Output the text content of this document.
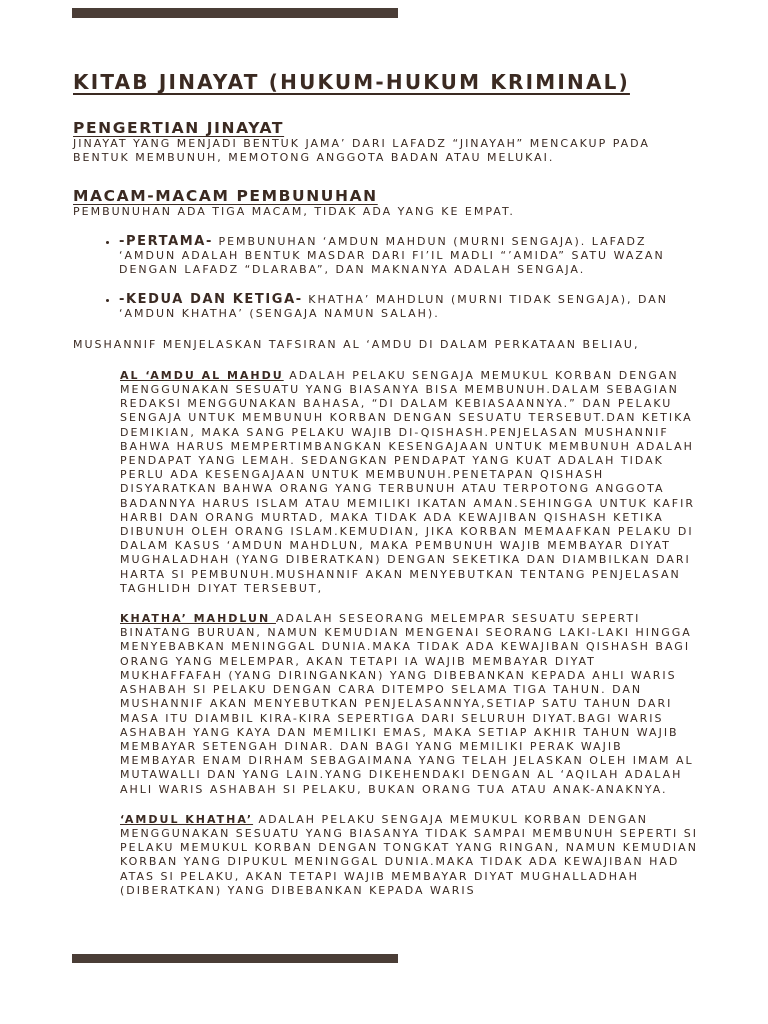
KITAB JINAYAT (HUKUM-HUKUM KRIMINAL)
PENGERTIAN JINAYAT

JINAYAT YANG MENJADI BENTUK JAMA’ DARI LAFADZ “JINAYAH” MENCAKUP PADA BENTUK MEMBUNUH, MEMOTONG ANGGOTA BADAN ATAU MELUKAI.

MACAM-MACAM PEMBUNUHAN

PEMBUNUHAN ADA TIGA MACAM, TIDAK ADA YANG KE EMPAT.

• -PERTAMA- PEMBUNUHAN ‘AMDUN MAHDUN (MURNI SENGAJA). LAFADZ ‘AMDUN ADALAH BENTUK MASDAR DARI FI’IL MADLI “’AMIDA” SATU WAZAN DENGAN LAFADZ “DLARABA”, DAN MAKNANYA ADALAH SENGAJA.
• -KEDUA DAN KETIGA- KHATHA’ MAHDLUN (MURNI TIDAK SENGAJA), DAN ‘AMDUN KHATHA’ (SENGAJA NAMUN SALAH).

MUSHANNIF MENJELASKAN TAFSIRAN AL ‘AMDU DI DALAM PERKATAAN BELIAU,

AL ‘AMDU AL MAHDU ADALAH PELAKU SENGAJA MEMUKUL KORBAN DENGAN MENGGUNAKAN SESUATU YANG BIASANYA BISA MEMBUNUH.DALAM SEBAGIAN REDAKSI MENGGUNAKAN BAHASA, “DI DALAM KEBIASAANNYA.” DAN PELAKU SENGAJA UNTUK MEMBUNUH KORBAN DENGAN SESUATU TERSEBUT.DAN KETIKA DEMIKIAN, MAKA SANG PELAKU WAJIB DI-QISHASH.PENJELASAN MUSHANNIF BAHWA HARUS MEMPERTIMBANGKAN KESENGAJAAN UNTUK MEMBUNUH ADALAH PENDAPAT YANG LEMAH. SEDANGKAN PENDAPAT YANG KUAT ADALAH TIDAK PERLU ADA KESENGAJAAN UNTUK MEMBUNUH.PENETAPAN QISHASH DISYARATKAN BAHWA ORANG YANG TERBUNUH ATAU TERPOTONG ANGGOTA BADANNYA HARUS ISLAM ATAU MEMILIKI IKATAN AMAN.SEHINGGA UNTUK KAFIR HARBI DAN ORANG MURTAD, MAKA TIDAK ADA KEWAJIBAN QISHASH KETIKA DIBUNUH OLEH ORANG ISLAM.KEMUDIAN, JIKA KORBAN MEMAAFKAN PELAKU DI DALAM KASUS ‘AMDUN MAHDLUN, MAKA PEMBUNUH WAJIB MEMBAYAR DIYAT MUGHALADHAH (YANG DIBERATKAN) DENGAN SEKETIKA DAN DIAMBILKAN DARI HARTA SI PEMBUNUH.MUSHANNIF AKAN MENYEBUTKAN TENTANG PENJELASAN TAGHLIDH DIYAT TERSEBUT,

KHATHA’ MAHDLUN ADALAH SESEORANG MELEMPAR SESUATU SEPERTI BINATANG BURUAN, NAMUN KEMUDIAN MENGENAI SEORANG LAKI-LAKI HINGGA MENYEBABKAN MENINGGAL DUNIA.MAKA TIDAK ADA KEWAJIBAN QISHASH BAGI ORANG YANG MELEMPAR, AKAN TETAPI IA WAJIB MEMBAYAR DIYAT MUKHAFFAFAH (YANG DIRINGANKAN) YANG DIBEBANKAN KEPADA AHLI WARIS ASHABAH SI PELAKU DENGAN CARA DITEMPO SELAMA TIGA TAHUN. DAN MUSHANNIF AKAN MENYEBUTKAN PENJELASANNYA,SETIAP SATU TAHUN DARI MASA ITU DIAMBIL KIRA-KIRA SEPERTIGA DARI SELURUH DIYAT.BAGI WARIS ASHABAH YANG KAYA DAN MEMILIKI EMAS, MAKA SETIAP AKHIR TAHUN WAJIB MEMBAYAR SETENGAH DINAR. DAN BAGI YANG MEMILIKI PERAK WAJIB MEMBAYAR ENAM DIRHAM SEBAGAIMANA YANG TELAH JELASKAN OLEH IMAM AL MUTAWALLI DAN YANG LAIN.YANG DIKEHENDAKI DENGAN AL ‘AQILAH ADALAH AHLI WARIS ASHABAH SI PELAKU, BUKAN ORANG TUA ATAU ANAK-ANAKNYA.

‘AMDUL KHATHA’ ADALAH PELAKU SENGAJA MEMUKUL KORBAN DENGAN MENGGUNAKAN SESUATU YANG BIASANYA TIDAK SAMPAI MEMBUNUH SEPERTI SI PELAKU MEMUKUL KORBAN DENGAN TONGKAT YANG RINGAN, NAMUN KEMUDIAN KORBAN YANG DIPUKUL MENINGGAL DUNIA.MAKA TIDAK ADA KEWAJIBAN HAD ATAS SI PELAKU, AKAN TETAPI WAJIB MEMBAYAR DIYAT MUGHALLADHAH (DIBERATKAN) YANG DIBEBANKAN KEPADA WARIS
